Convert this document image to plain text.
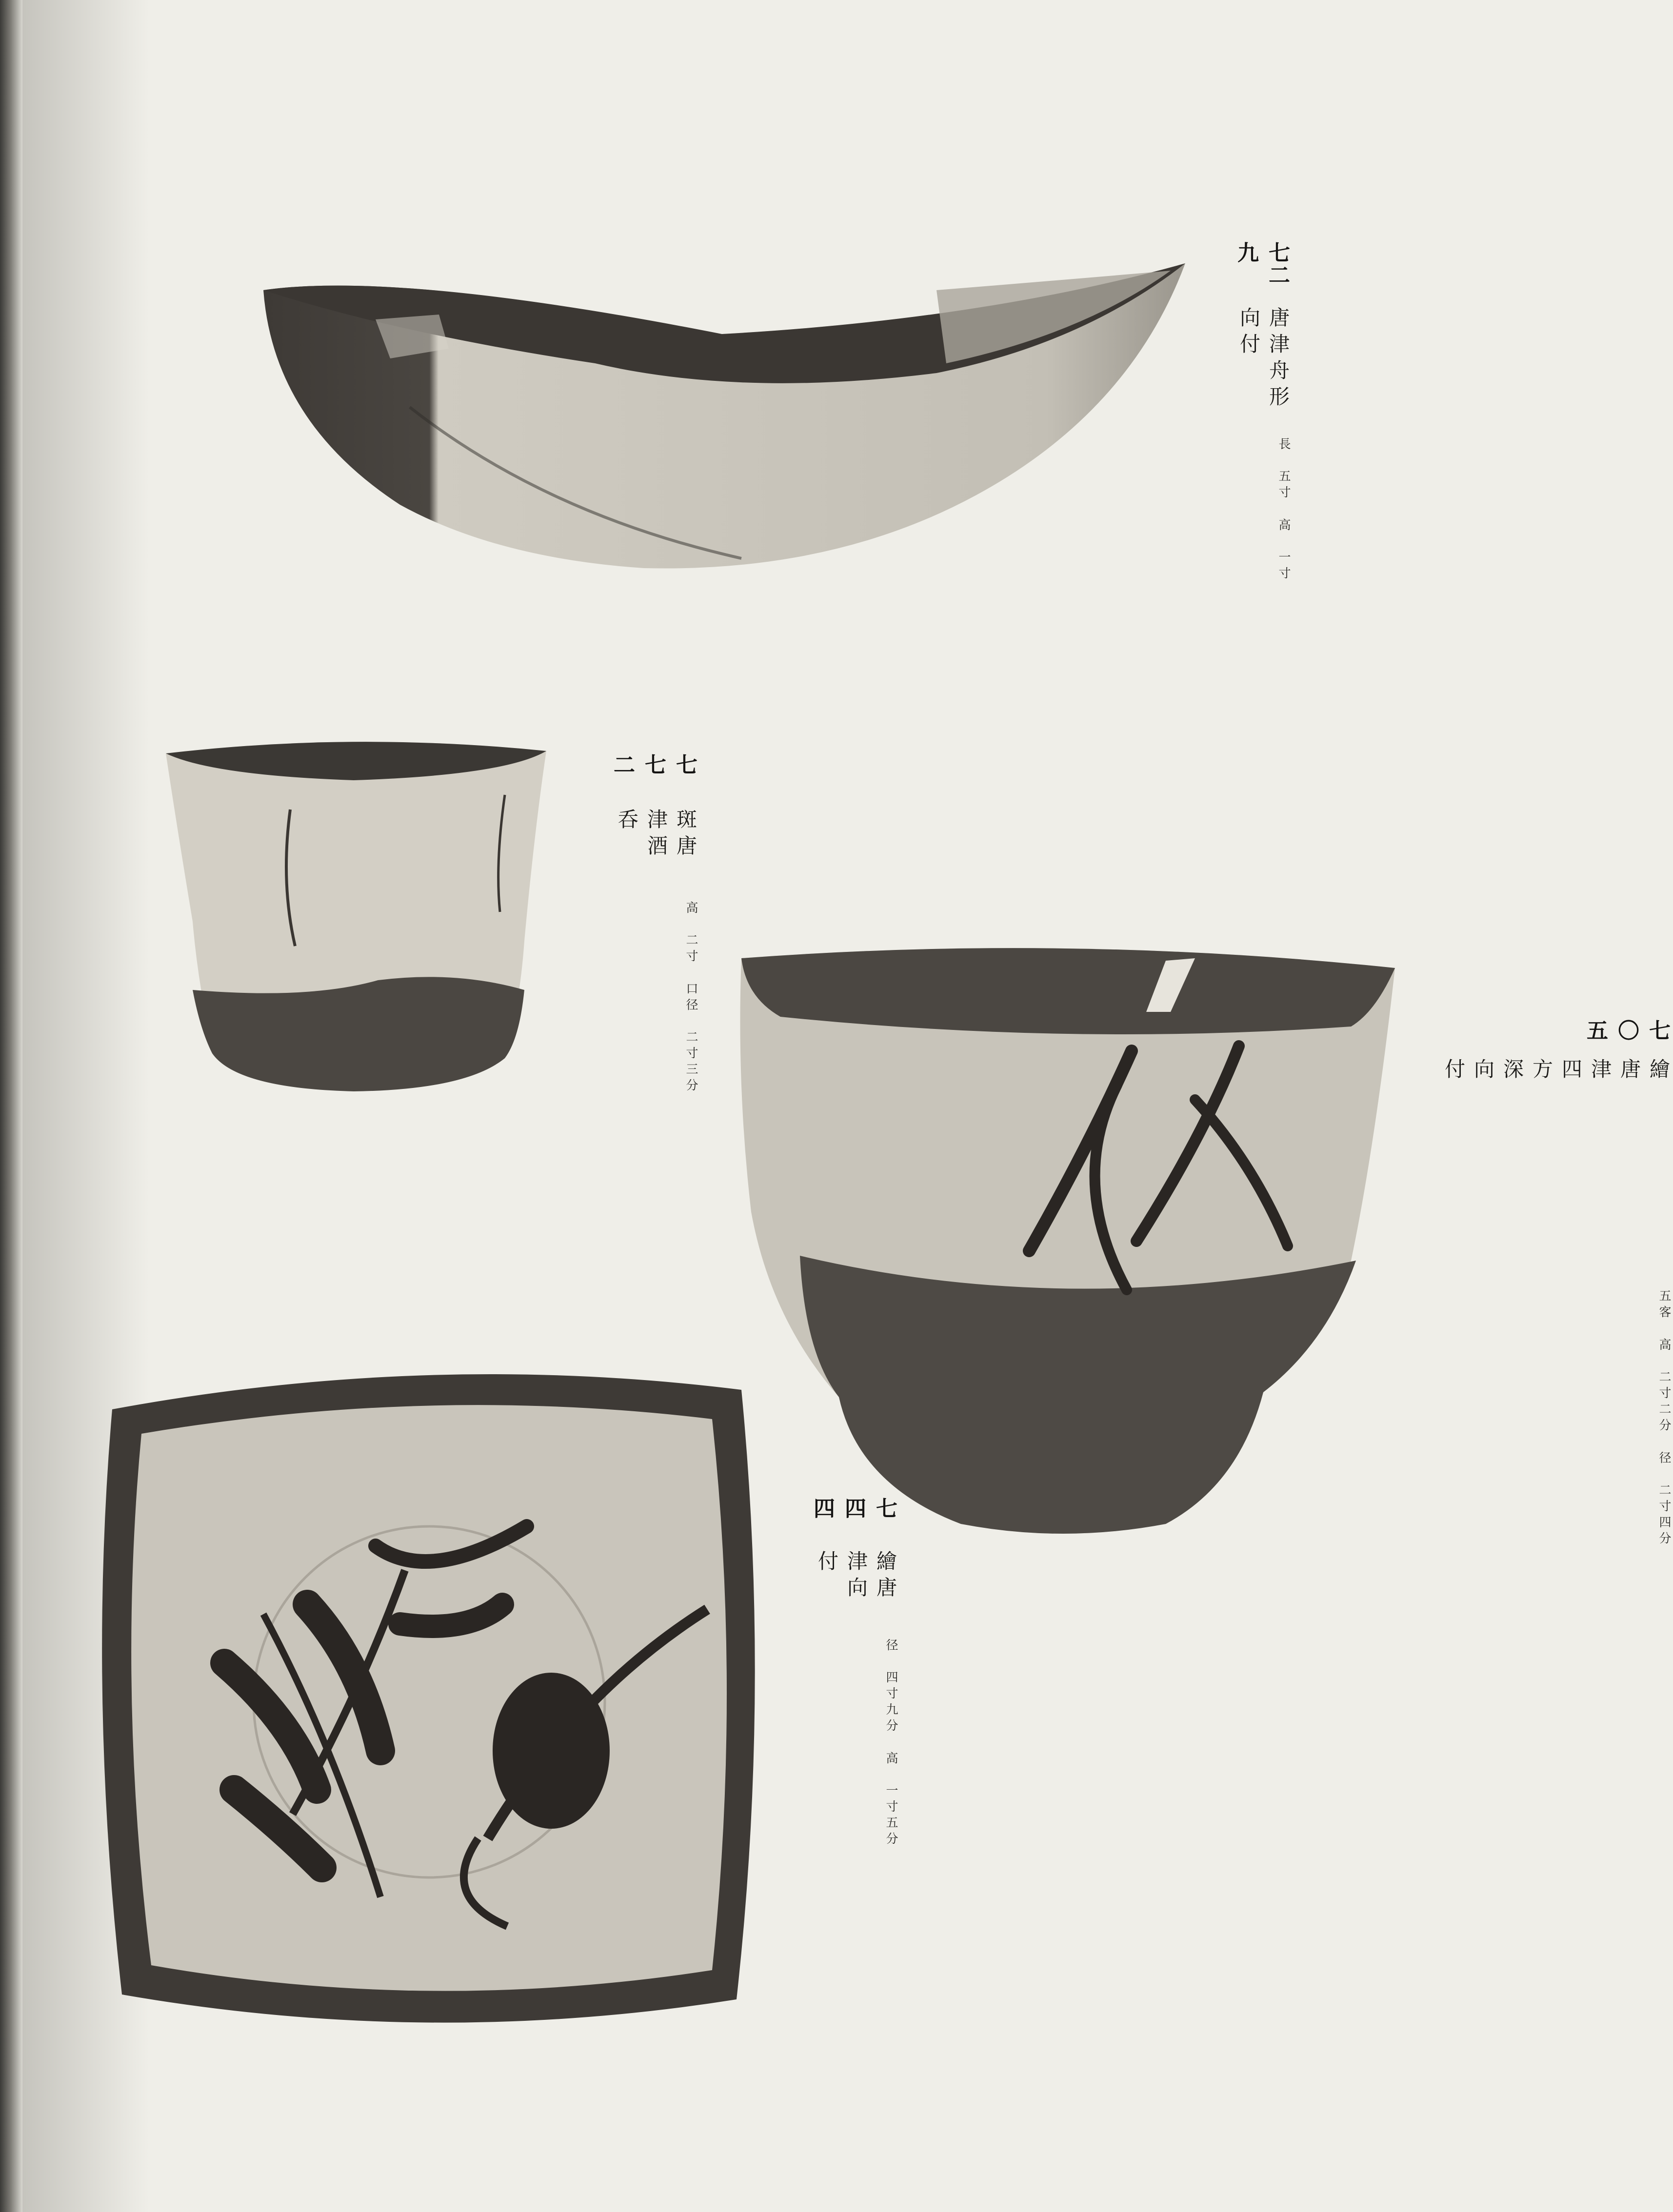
七二九
唐津舟形向付
長　五寸
高　一寸
七七二
斑唐津酒呑
高　二寸
口径　二寸三分	七〇五
繪唐津四方深向付
五客
高　二寸二分
径　二寸四分
七四四
繪唐津向付
径　四寸九分
高　一寸五分
